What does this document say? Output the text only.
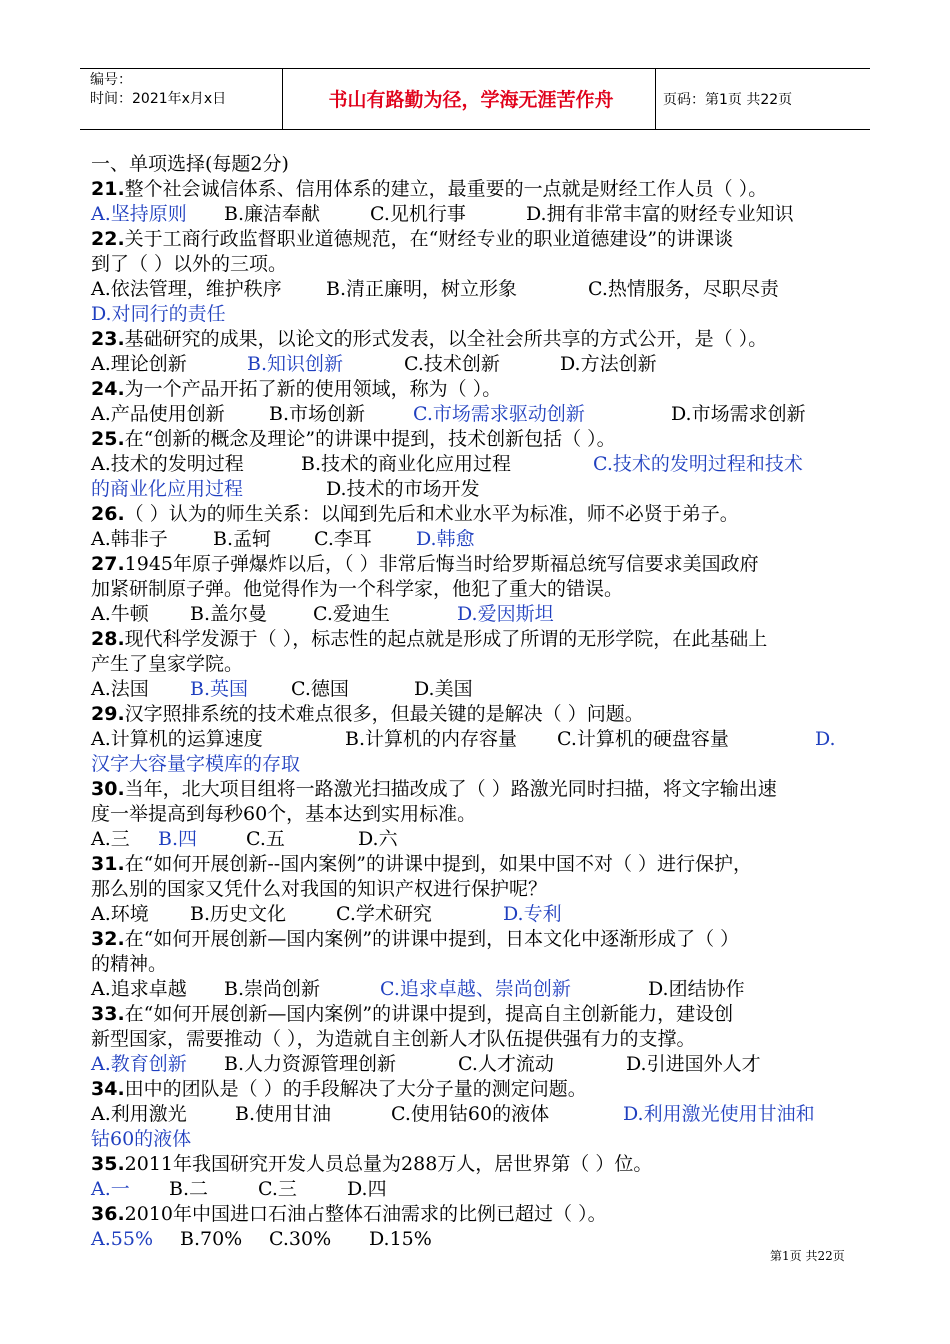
编号：
时间：2021年x月x日	书山有路勤为径，学海无涯苦作舟	页码：第1页 共22页
一、单项选择(每题2分)
21.整个社会诚信体系、信用体系的建立，最重要的一点就是财经工作人员（ ）。
A.坚持原则 B.廉洁奉献	C.见机行事	D.拥有非常丰富的财经专业知识
22.关于工商行政监督职业道德规范，在“财经专业的职业道德建设”的讲课谈
到了（ ）以外的三项。
A.依法管理，维护秩序 B.清正廉明，树立形象	C.热情服务，尽职尽责
D.对同行的责任
23.基础研究的成果，以论文的形式发表，以全社会所共享的方式公开，是（ ）。
A.理论创新	B.知识创新	C.技术创新	D.方法创新
24.为一个产品开拓了新的使用领域，称为（ ）。
A.产品使用创新 B.市场创新	C.市场需求驱动创新	D.市场需求创新
25.在“创新的概念及理论”的讲课中提到，技术创新包括（ ）。
A.技术的发明过程	B.技术的商业化应用过程	C.技术的发明过程和技术
的商业化应用过程	D.技术的市场开发
26.（ ）认为的师生关系：以闻到先后和术业水平为标准，师不必贤于弟子。
A.韩非子 B.孟轲 C.李耳 D.韩愈
27.1945年原子弹爆炸以后，（ ）非常后悔当时给罗斯福总统写信要求美国政府
加紧研制原子弹。他觉得作为一个科学家，他犯了重大的错误。
A.牛顿 B.盖尔曼 C.爱迪生	D.爱因斯坦
28.现代科学发源于（ ），标志性的起点就是形成了所谓的无形学院，在此基础上
产生了皇家学院。
A.法国 B.英国 C.德国	D.美国
29.汉字照排系统的技术难点很多，但最关键的是解决（ ）问题。
A.计算机的运算速度	B.计算机的内存容量 C.计算机的硬盘容量	D.
汉字大容量字模库的存取
30.当年，北大项目组将一路激光扫描改成了（ ）路激光同时扫描，将文字输出速
度一举提高到每秒60个，基本达到实用标准。
A.三 B.四	C.五	D.六
31.在“如何开展创新--国内案例”的讲课中提到，如果中国不对（ ）进行保护，
那么别的国家又凭什么对我国的知识产权进行保护呢？
A.环境 B.历史文化	C.学术研究	D.专利
32.在“如何开展创新—国内案例”的讲课中提到，日本文化中逐渐形成了（ ）
的精神。
A.追求卓越 B.崇尚创新	C.追求卓越、崇尚创新	D.团结协作
33.在“如何开展创新—国内案例”的讲课中提到，提高自主创新能力，建设创
新型国家，需要推动（ ），为造就自主创新人才队伍提供强有力的支撑。
A.教育创新 B.人力资源管理创新	C.人才流动	D.引进国外人才
34.田中的团队是（ ）的手段解决了大分子量的测定问题。
A.利用激光	B.使用甘油	C.使用钴60的液体	D.利用激光使用甘油和
钴60的液体
35.2011年我国研究开发人员总量为288万人，居世界第（ ）位。
A.一 B.二	C.三	D.四
36.2010年中国进口石油占整体石油需求的比例已超过（ ）。
A.55% B.70% C.30% D.15%
第1页 共22页
